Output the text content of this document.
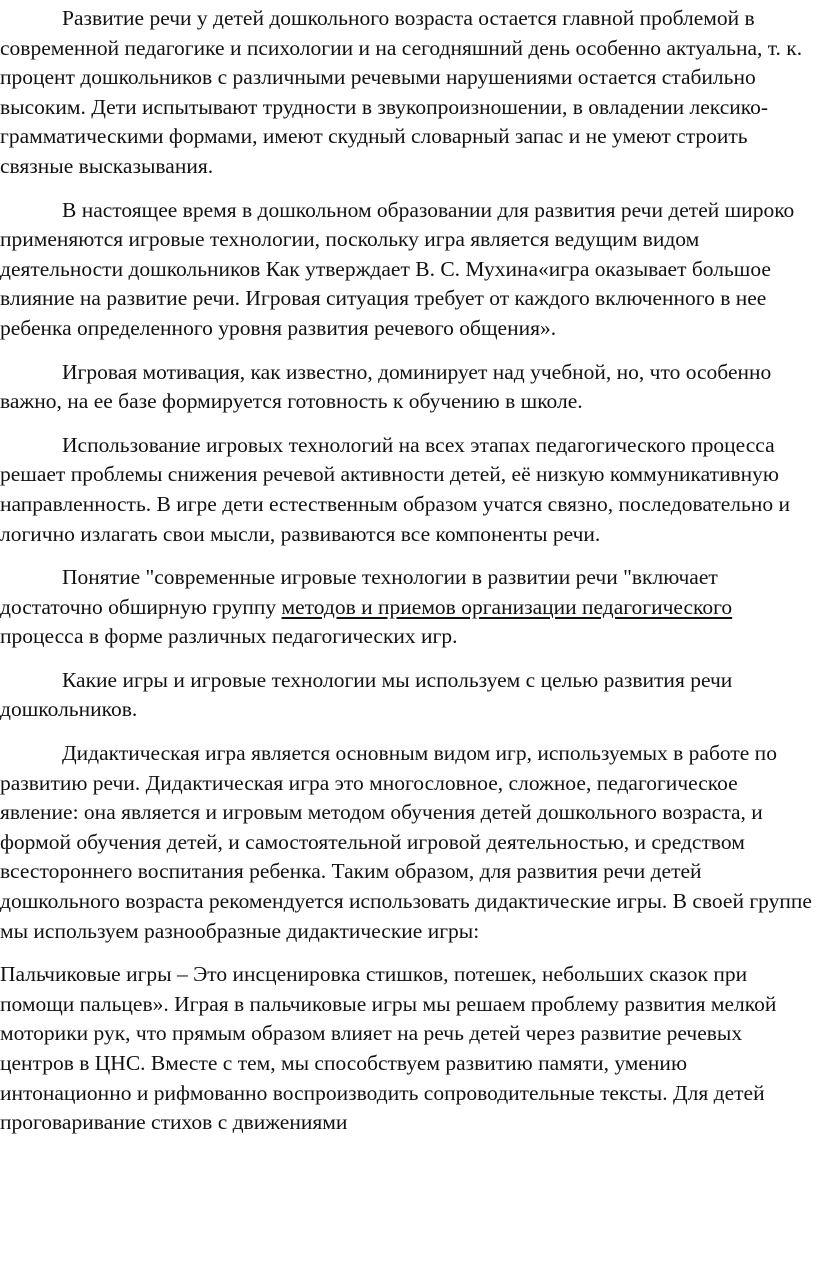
Развитие речи у детей дошкольного возраста остается главной проблемой в современной педагогике и психологии и на сегодняшний день особенно актуальна, т. к. процент дошкольников с различными речевыми нарушениями остается стабильно высоким. Дети испытывают трудности в звукопроизношении, в овладении лексико-грамматическими формами, имеют скудный словарный запас и не умеют строить связные высказывания.

В настоящее время в дошкольном образовании для развития речи детей широко применяются игровые технологии, поскольку игра является ведущим видом деятельности дошкольников Как утверждает В. С. Мухина«игра оказывает большое влияние на развитие речи. Игровая ситуация требует от каждого включенного в нее ребенка определенного уровня развития речевого общения».

Игровая мотивация, как известно, доминирует над учебной, но, что особенно важно, на ее базе формируется готовность к обучению в школе.

Использование игровых технологий на всех этапах педагогического процесса решает проблемы снижения речевой активности детей, её низкую коммуникативную направленность. В игре дети естественным образом учатся связно, последовательно и логично излагать свои мысли, развиваются все компоненты речи.

Понятие "современные игровые технологии в развитии речи "включает достаточно обширную группу методов и приемов организации педагогического процесса в форме различных педагогических игр.

Какие игры и игровые технологии мы используем с целью развития речи дошкольников.

Дидактическая игра является основным видом игр, используемых в работе по развитию речи. Дидактическая игра это многословное, сложное, педагогическое явление: она является и игровым методом обучения детей дошкольного возраста, и формой обучения детей, и самостоятельной игровой деятельностью, и средством всестороннего воспитания ребенка. Таким образом, для развития речи детей дошкольного возраста рекомендуется использовать дидактические игры. В своей группе мы используем разнообразные дидактические игры:

Пальчиковые игры – Это инсценировка стишков, потешек, небольших сказок при помощи пальцев». Играя в пальчиковые игры мы решаем проблему развития мелкой моторики рук, что прямым образом влияет на речь детей через развитие речевых центров в ЦНС. Вместе с тем, мы способствуем развитию памяти, умению интонационно и рифмованно воспроизводить сопроводительные тексты. Для детей проговаривание стихов с движениями
